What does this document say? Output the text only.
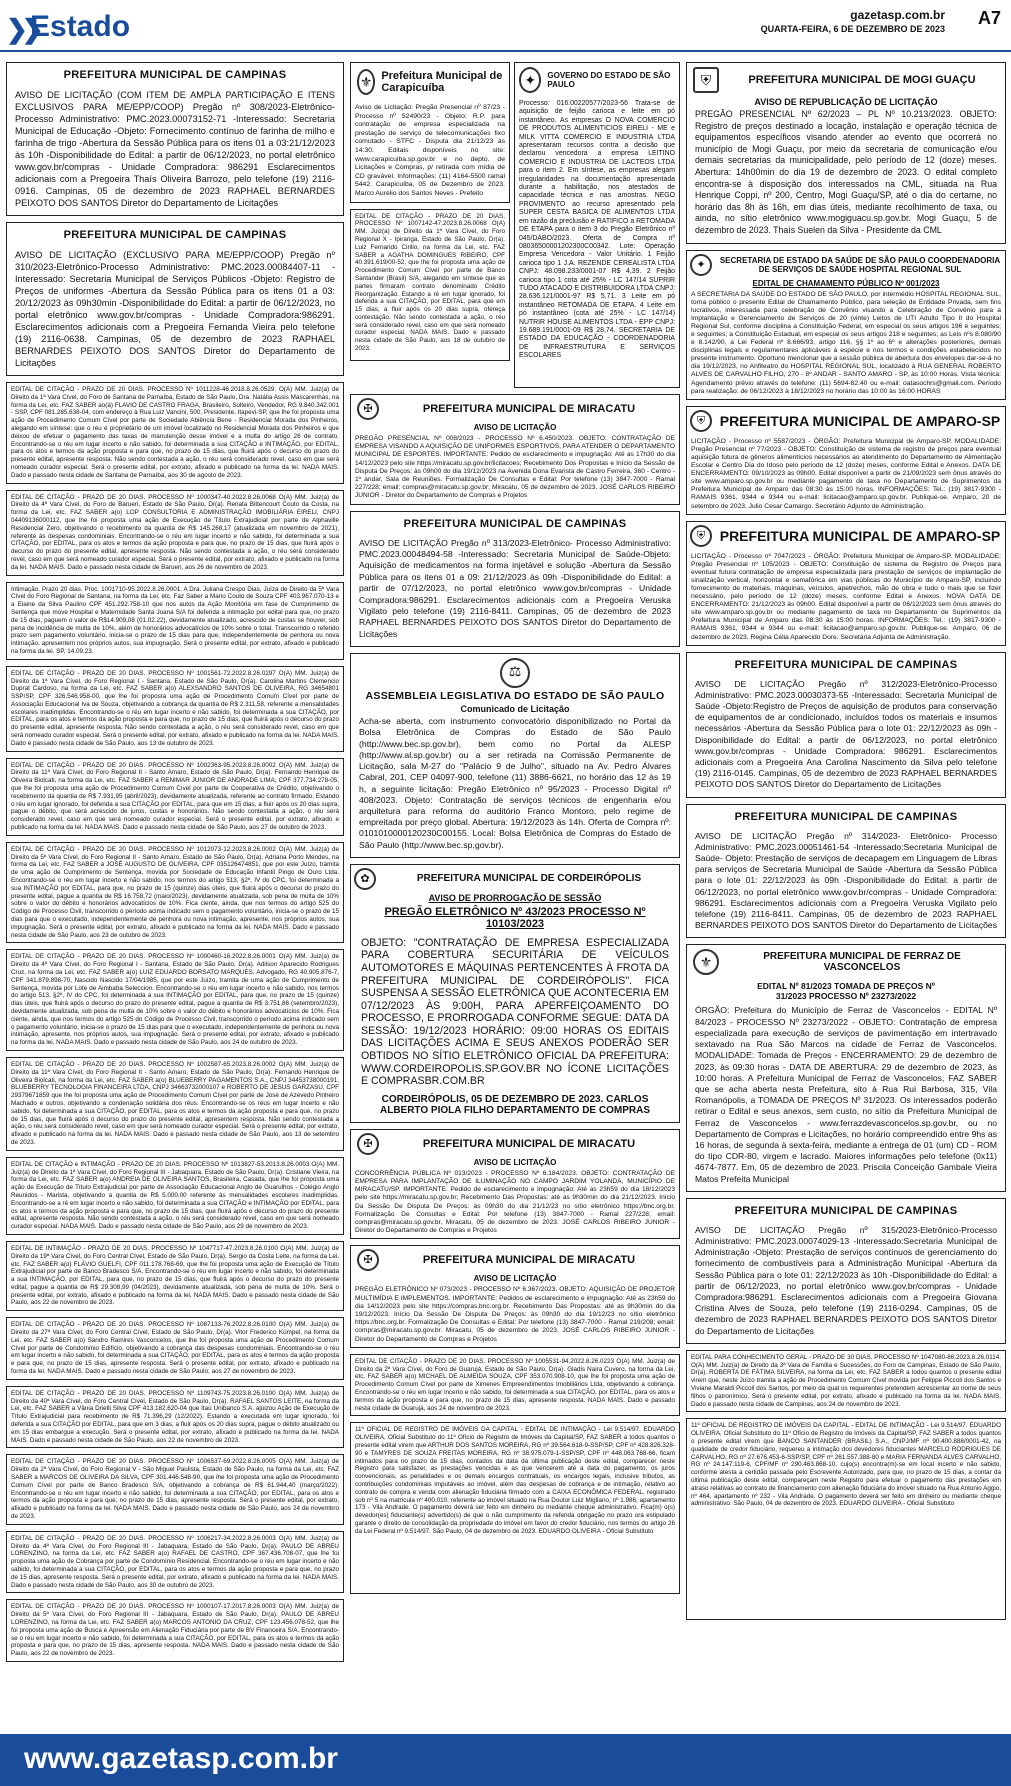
❯❯
Estado	gazetasp.com.br
QUARTA-FEIRA, 6 DE DEZEMBRO DE 2023
A7
PREFEITURA MUNICIPAL DE CAMPINAS
AVISO DE LICITAÇÃO (COM ITEM DE AMPLA PARTICIPAÇÃO E ITENS EXCLUSIVOS PARA ME/EPP/COOP) Pregão nº 308/2023-Eletrônico-Processo Administrativo: PMC.2023.00073152-71 -Interessado: Secretaria Municipal de Educação -Objeto: Fornecimento contínuo de farinha de milho e farinha de trigo -Abertura da Sessão Pública para os itens 01 a 03:21/12/2023 às 10h -Disponibilidade do Edital: a partir de 06/12/2023, no portal eletrônico www.gov.br/compras - Unidade Compradora: 986291 Esclarecimentos adicionais com a Pregoeira Thaís Oliveira Barrozo, pelo telefone (19) 2116-0916. Campinas, 05 de dezembro de 2023 RAPHAEL BERNARDES PEIXOTO DOS SANTOS Diretor do Departamento de Licitações
PREFEITURA MUNICIPAL DE CAMPINAS
AVISO DE LICITAÇÃO (EXCLUSIVO PARA ME/EPP/COOP) Pregão nº 310/2023-Eletrônico-Processo Administrativo: PMC.2023.00084407-11 -Interessado: Secretaria Municipal de Serviços Públicos -Objeto: Registro de Preços de uniformes -Abertura da Sessão Pública para os itens 01 a 03: 20/12/2023 às 09h30min -Disponibilidade do Edital: a partir de 06/12/2023, no portal eletrônico www.gov.br/compras - Unidade Compradora:986291. Esclarecimentos adicionais com a Pregoeira Fernanda Vieira pelo telefone (19) 2116-0638. Campinas, 05 de dezembro de 2023 RAPHAEL BERNARDES PEIXOTO DOS SANTOS Diretor do Departamento de Licitações
EDITAL DE CITAÇÃO - PRAZO DE 20 DIAS. PROCESSO Nº 1011228-46.2018.8.26.0529. O(A) MM. Juiz(a) de Direito da 1ª Vara Cível, do Foro de Santana de Parnaíba, Estado de São Paulo, Dra. Natália Assis Mascarenhas, na forma da Lei, etc. FAZ SABER ao(à) FLAVIO DE CASTRO FRAGA, Brasileiro, Solteiro, Vendedor, RG 9.840.342.001 - SSP, CPF 081.285.638-04, com endereço à Rua Luiz Vancini, 500, Presidente, Itapevi-SP, que lhe foi proposta uma ação de Procedimento Comum Cível por parte de Sociedade Abiência Bene - Residencial Morada dos Pinheiros, alegando em síntese: que o réu é proprietário de um imóvel localizado no Residencial Morada dos Pinheiros e que deixou de efetuar o pagamento das taxas de manutenção desse imóvel e a multa do artigo 26 de contrato. Encontrando-se o réu em lugar incerto e não sabido, foi determinada a sua CITAÇÃO e INTIMAÇÃO, por EDITAL, para os atos e termos da ação proposta e para que, no prazo de 15 dias, que fluirá após o decurso do prazo do presente edital, apresente resposta. Não sendo contestada a ação, o réu será considerado revel, caso em que será nomeado curador especial. Será o presente edital, por extrato, afixado e publicado na forma da lei. NADA MAIS. Dado e passado nesta cidade de Santana de Parnaíba, aos 30 de agosto de 2023.
EDITAL DE CITAÇÃO - PRAZO DE 20 DIAS. PROCESSO Nº 1000347-40.2022.8.26.0068 O(A) MM. Juiz(a) de Direito da 4ª Vara Cível, do Foro de Barueri, Estado de São Paulo, Dr(a). Renata Bittencourt Couto da Costa, na forma da Lei, etc. FAZ SABER a(o) LOP CONSULTORIA E ADMINISTRAÇÃO IMOBILIÁRIA EIRELI, CNPJ 04409136000112, que lhe foi proposta uma ação de Execução de Título Extrajudicial por parte de Alphaville Residencial Zero, objetivando o recebimento da quantia de R$ 145.268,17 (atualizada em novembro de 2021), referente às despesas condominiais. Encontrando-se o réu em lugar incerto e não sabido, foi determinada a sua CITAÇÃO, por EDITAL, para os atos e termos da ação proposta e para que, no prazo de 15 dias, que fluirá após o decurso do prazo do presente edital, apresente resposta. Não sendo contestada a ação, o réu será considerado revel, caso em que será nomeado curador especial. Será o presente edital, por extrato, afixado e publicado na forma da lei. NADA MAIS. Dado e passado nesta cidade de Barueri, aos 26 de novembro de 2023.
Intimação. Prazo 20 dias. Proc. 1001710-95.2022.8.26.0001. A Dra. Juliana Crespo Dias, Juíza de Direito da 5ª Vara Cível do Foro Regional de Santana, na forma da Lei, etc. Faz Saber a Mario Couto de Souza CPF 403.967.070-13 e a Elaine da Silva Paulino CPF 451.292.758-10 que nos autos da Ação Monitória em fase de Cumprimento de Sentença que move Hospital e Maternidade Santa Joana S/A foi deferida a intimação por edital para que, no prazo de 15 dias, paguem o valor de R$14.909,08 (01.02.22), devidamente atualizado, acrescido de custas se houver, sob pena de incidência de multa de 10%, além de honorários advocatícios de 10% sobre o total. Transcorrido o referido prazo sem pagamento voluntário, inicia-se o prazo de 15 dias para que, independentemente de penhora ou nova intimação, apresentem nos próprios autos, sua impugnação. Será o presente edital, por extrato, afixado e publicado na forma da lei. SP, 14.09.23.
EDITAL DE CITAÇÃO - PRAZO DE 20 DIAS. PROCESSO Nº 1001561-72.2022.8.26.0297 O(A) MM. Juiz(a) de Direito da 1ª Vara Cível, do Foro Regional I - Santana, Estado de São Paulo, Dr(a). Carolina Martins Clemencio Duprat Cardoso, na forma da Lei, etc. FAZ SABER a(o) ALEXSANDRO SANTOS DE OLIVEIRA, RG 34654801 SSP/SP, CPF 326.546.958-00, que lhe foi proposta uma ação de Procedimento Comum Cível por parte de Associação Educacional Iva de Souza, objetivando a cobrança da quantia de R$ 2.311,58, referente a mensalidades escolares inadimplidas. Encontrando-se o réu em lugar incerto e não sabido, foi determinada a sua CITAÇÃO, por EDITAL, para os atos e termos da ação proposta e para que, no prazo de 15 dias, que fluirá após o decurso do prazo do presente edital, apresente resposta. Não sendo contestada a ação, o réu será considerado revel, caso em que será nomeado curador especial. Será o presente edital, por extrato, afixado e publicado na forma da lei. NADA MAIS. Dado e passado nesta cidade de São Paulo, aos 13 de outubro de 2023.
EDITAL DE CITAÇÃO - PRAZO DE 20 DIAS. PROCESSO Nº 1002363-95.2023.8.26.0002 O(A) MM. Juiz(a) de Direito da 11ª Vara Cível, do Foro Regional II - Santo Amaro, Estado de São Paulo, Dr(a). Fernando Henrique de Oliveira Biolcati, na forma da Lei, etc. FAZ SABER a RENIMAR JUNIOR DE ANDRADE LIMA, CPF 377.734.278-05, que lhe foi proposta uma ação de Procedimento Comum Cível por parte de Cooperativa de Crédito, objetivando o recebimento da quantia de R$ 7.931,95 (abril/2023), devidamente atualizada, referente ao contrato firmado. Estando o réu em lugar ignorado, foi deferida a sua CITAÇÃO por EDITAL, para que em 15 dias, a fluir após os 20 dias supra, pague o débito, que será acrescido de juros, custas e honorários. Não sendo contestada a ação, o réu será considerado revel, caso em que será nomeado curador especial. Será o presente edital, por extrato, afixado e publicado na forma da lei. NADA MAIS. Dado e passado nesta cidade de São Paulo, aos 27 de outubro de 2023.
EDITAL DE CITAÇÃO - PRAZO DE 20 DIAS. PROCESSO Nº 1012073-12.2023.8.26.0002 O(A) MM. Juiz(a) de Direito da 5ª Vara Cível, do Foro Regional II - Santo Amaro, Estado de São Paulo, Dr(a). Adriana Porto Mendes, na forma da Lei, etc. FAZ SABER a JOSÉ AUGUSTO DE OLIVEIRA, CPF 035126474851, que por este Juízo, tramita de uma ação de Cumprimento de Sentença, movida por Sociedade de Educação Infantil Pingo de Ouro Ltda. Encontrando-se o réu em lugar incerto e não sabido, nos termos do artigo 513, §2º, IV do CPC, foi determinada a sua INTIMAÇÃO por EDITAL, para que, no prazo de 15 (quinze) dias úteis, que fluirá após o decurso do prazo do presente edital, pague a quantia de R$ 16.758,72 (maio/2023), devidamente atualizada, sob pena de multa de 10% sobre o valor do débito e honorários advocatícios de 10%. Fica ciente, ainda, que nos termos do artigo 525 do Código de Processo Civil, transcorrido o período acima indicado sem o pagamento voluntário, inicia-se o prazo de 15 dias para que o executado, independentemente de penhora ou nova intimação, apresente, nos próprios autos, sua impugnação. Será o presente edital, por extrato, afixado e publicado na forma da lei. NADA MAIS. Dado e passado nesta cidade de São Paulo, aos 23 de outubro de 2023.
EDITAL DE CITAÇÃO - PRAZO DE 20 DIAS. PROCESSO Nº 1000460-16.2022.8.26.0001 O(A) MM. Juiz(a) de Direito da 4ª Vara Cível, do Foro Regional I - Santana, Estado de São Paulo, Dr(a). Adilson Aparecido Rodrigues Cruz, na forma da Lei, etc. FAZ SABER a(o) LUIZ EDUARDO BORSATO MARQUES, Advogado, RG 40.905.876-7, CPF 341.879.898-70, Nascido Nascido 17/04/1985, que por este Juízo, tramita de uma ação de Cumprimento de Sentença, movida por Lote de Aimbaba Seleccion. Encontrando-se o réu em lugar incerto e não sabido, nos termos do artigo 513, §2º, IV do CPC, foi determinada a sua INTIMAÇÃO por EDITAL, para que, no prazo de 15 (quinze) dias úteis, que fluirá após o decurso do prazo do presente edital, pague a quantia de R$ 3.751,86 (setembro/2023), devidamente atualizada, sob pena de multa de 10% sobre o valor do débito e honorários advocatícios de 10%. Fica ciente, ainda, que nos termos do artigo 525 do Código de Processo Civil, transcorrido o período acima indicado sem o pagamento voluntário, inicia-se o prazo de 15 dias para que o executado, independentemente de penhora ou nova intimação, apresente, nos próprios autos, sua impugnação. Será o presente edital, por extrato, afixado e publicado na forma da lei. NADA MAIS. Dado e passado nesta cidade de São Paulo, aos 24 de outubro de 2023.
EDITAL DE CITAÇÃO - PRAZO DE 20 DIAS. PROCESSO Nº 1002587-65.2023.8.26.0002 O(A) MM. Juiz(a) de Direito da 11ª Vara Cível, do Foro Regional II - Santo Amaro, Estado de São Paulo, Dr(a). Fernando Henrique de Oliveira Biolcati, na forma da Lei, etc. FAZ SABER a(o) BLUEBERRY PAGAMENTOS S.A., CNPJ 34453738000191, BLUEBERRY TECNOLOGIA FINANCEIRA LTDA, CNPJ 34663732000107 e ROBERTO DE JESUS GARZASU, CPF 29379671859 que lhe foi proposta uma ação de Procedimento Comum Cível por parte de José de Azevedo Pinheiro Machado e outros, objetivando a condenação solidária dos réus. Encontrando-se os réus em lugar incerto e não sabido, foi determinada a sua CITAÇÃO, por EDITAL, para os atos e termos da ação proposta e para que, no prazo de 15 dias, que fluirá após o decurso do prazo do presente edital, apresentem resposta. Não sendo contestada a ação, o réu será considerado revel, caso em que será nomeado curador especial. Será o presente edital, por extrato, afixado e publicado na forma da lei. NADA MAIS. Dado e passado nesta cidade de São Paulo, aos 13 de setembro de 2023.
EDITAL DE CITAÇÃO e INTIMAÇÃO - PRAZO DE 20 DIAS. PROCESSO Nº 1013827-53.2013.8.26.0003 O(A) MM. Juiz(a) de Direito da 1ª Vara Cível, do Foro Regional III - Jabaquara, Estado de São Paulo, Dr(a). Cristiane Vieira, na forma da Lei, etc. FAZ SABER a(o) ANDREIA DE OLIVEIRA SANTOS, Brasileira, Casada, que lhe foi proposta uma ação de Execução de Título Extrajudicial por parte de Associação Educacional Anglo de Guarulhos - Colégio Anglo Reunidos - Marista, objetivando a quantia de R$ 5.000,00 referente às mensalidades escolares inadimplidas. Encontrando-se a ré em lugar incerto e não sabido, foi determinada a sua CITAÇÃO e INTIMAÇÃO por EDITAL, para os atos e termos da ação proposta e para que, no prazo de 15 dias, que fluirá após o decurso do prazo do presente edital, apresente resposta. Não sendo contestada a ação, o réu será considerado revel, caso em que será nomeado curador especial. NADA MAIS. Dado e passado nesta cidade de São Paulo, aos 29 de novembro de 2023.
EDITAL DE INTIMAÇÃO - PRAZO DE 20 DIAS. PROCESSO Nº 1047717-47.2023.8.26.0100 O(A) MM. Juiz(a) de Direito da 19ª Vara Cível, do Foro Central Cível, Estado de São Paulo, Dr(a). Sergio da Costa Leite, na forma da Lei, etc. FAZ SABER a(o) FLÁVIO GUELFI, CPF 011.178.768-69, que lhe foi proposta uma ação de Execução de Título Extrajudicial por parte de Banco Bradesco S/A. Encontrando-se o réu em lugar incerto e não sabido, foi determinada a sua INTIMAÇÃO, por EDITAL, para que, no prazo de 15 dias, que fluirá após o decurso do prazo do presente edital, pague a quantia de R$ 29.308,99 (04/2023), devidamente atualizada, sob pena de multa de 10%. Será o presente edital, por extrato, afixado e publicado na forma da lei. NADA MAIS. Dado e passado nesta cidade de São Paulo, aos 22 de novembro de 2023.
EDITAL DE CITAÇÃO - PRAZO DE 20 DIAS. PROCESSO Nº 1087133-76.2022.8.26.0100 O(A) MM. Juiz(a) de Direito da 27ª Vara Cível, do Foro Central Cível, Estado de São Paulo, Dr(a). Vitor Frederico Kümpel, na forma da Lei, etc. FAZ SABER a(o) Sandro Ramires Vasconcelos, que lhe foi proposta uma ação de Procedimento Comum Cível por parte de Condomínio Edifício, objetivando a cobrança das despesas condominiais. Encontrando-se o réu em lugar incerto e não sabido, foi determinada a sua CITAÇÃO, por EDITAL, para os atos e termos da ação proposta e para que, no prazo de 15 dias, apresente resposta. Será o presente edital, por extrato, afixado e publicado na forma da lei. NADA MAIS. Dado e passado nesta cidade de São Paulo, aos 27 de novembro de 2023.
EDITAL DE CITAÇÃO - PRAZO DE 20 DIAS. PROCESSO Nº 1109743-75.2023.8.26.0100 O(A) MM. Juiz(a) de Direito da 40ª Vara Cível, do Foro Central Cível, Estado de São Paulo, Dr(a). RAFAEL SANTOS LEITE, na forma da Lei, etc. FAZ SABER a Vânia Drielli Silva CPF 413.182.620-04 que Itaú Unibanco S.A. ajuizou Ação de Execução de Título Extrajudicial para recebimento de R$ 71.396,29 (12/2022). Estando a executada em lugar ignorado, foi deferida a sua CITAÇÃO por EDITAL, para que em 3 dias, a fluir após os 20 dias supra, pague o débito atualizado ou em 15 dias embargue a execução. Será o presente edital, por extrato, afixado e publicado na forma da lei. NADA MAIS. Dado e passado nesta cidade de São Paulo, aos 22 de novembro de 2023.
EDITAL DE CITAÇÃO - PRAZO DE 20 DIAS. PROCESSO Nº 1006537-69.2022.8.26.0005 O(A) MM. Juiz(a) de Direito da 2ª Vara Cível, do Foro Regional V - São Miguel Paulista, Estado de São Paulo, na forma da Lei, etc. FAZ SABER a MARCOS DE OLIVEIRA DA SILVA, CPF 301.446.548-90, que lhe foi proposta uma ação de Procedimento Comum Cível por parte de Banco Bradesco S/A, objetivando a cobrança de R$ 61.944,40 (março/2022). Encontrando-se o réu em lugar incerto e não sabido, foi determinada a sua CITAÇÃO, por EDITAL, para os atos e termos da ação proposta e para que, no prazo de 15 dias, apresente resposta. Será o presente edital, por extrato, afixado e publicado na forma da lei. NADA MAIS. Dado e passado nesta cidade de São Paulo, aos 24 de novembro de 2023.
EDITAL DE CITAÇÃO - PRAZO DE 20 DIAS. PROCESSO Nº 1006217-34.2022.8.26.0003 O(A) MM. Juiz(a) de Direito da 4ª Vara Cível, do Foro Regional III - Jabaquara, Estado de São Paulo, Dr(a). PAULO DE ABREU LORENZINO, na forma da Lei, etc. FAZ SABER a(o) RAFAEL DE CASTRO, CPF 367.436.708-07, que lhe foi proposta uma ação de Cobrança por parte de Condomínio Residencial. Encontrando-se o réu em lugar incerto e não sabido, foi determinada a sua CITAÇÃO, por EDITAL, para os atos e termos da ação proposta e para que, no prazo de 15 dias, apresente resposta. Será o presente edital, por extrato, afixado e publicado na forma da lei. NADA MAIS. Dado e passado nesta cidade de São Paulo, aos 30 de outubro de 2023.
EDITAL DE CITAÇÃO - PRAZO DE 20 DIAS. PROCESSO Nº 1000107-17.2017.8.26.0003 O(A) MM. Juiz(a) de Direito da 5ª Vara Cível, do Foro Regional III - Jabaquara, Estado de São Paulo, Dr(a). PAULO DE ABREU LORENZINO, na forma da Lei, etc. FAZ SABER a(o) MARCOS ANTONIO DA CRUZ, CPF 123.456.078-52, que lhe foi proposta uma ação de Busca e Apreensão em Alienação Fiduciária por parte de BV Financeira S/A. Encontrando-se o réu em lugar incerto e não sabido, foi determinada a sua CITAÇÃO, por EDITAL, para os atos e termos da ação proposta e para que, no prazo de 15 dias, apresente resposta. NADA MAIS. Dado e passado nesta cidade de São Paulo, aos 22 de novembro de 2023.
⚜ Prefeitura Municipal de Carapicuíba
Aviso de Licitação: Pregão Presencial nº 87/23 - Processo nº 52490/23 - Objeto: R.P. para contratação de empresa especializada na prestação de serviço de telecomunicações fixo comutado - STFC - Disputa dia 21/12/23 às 14:30. Editais disponíveis no site: www.carapicuiba.sp.gov.br e no depto. de Licitações e Compras, p/ retirada com mídia de CD gravável. Informações: (11) 4164-5500 ramal 5442. Carapicuíba, 05 de Dezembro de 2023. Marco Aurélio dos Santos Neves - Prefeito
EDITAL DE CITAÇÃO - PRAZO DE 20 DIAS. PROCESSO Nº 1007142-47.2023.8.26.0068 O(A) MM. Juiz(a) de Direito da 1ª Vara Cível, do Foro Regional X - Ipiranga, Estado de São Paulo, Dr(a). Luiz Fernando Cirillo, na forma da Lei, etc. FAZ SABER a AGATHA DOMINGUES RIBEIRO, CPF 40.391.619/00-52, que lhe foi proposta uma ação de Procedimento Comum Cível por parte de Banco Santander (Brasil) S/A, alegando em síntese que as partes firmaram contrato denominado Crédito Reorganização. Estando a ré em lugar ignorado, foi deferida a sua CITAÇÃO, por EDITAL, para que em 15 dias, a fluir após os 20 dias supra, ofereça contestação. Não sendo contestada a ação, o réu será considerado revel, caso em que será nomeado curador especial. NADA MAIS. Dado e passado nesta cidade de São Paulo, aos 18 de outubro de 2023.
✦	GOVERNO DO ESTADO DE SÃO PAULO
Processo: 016.00220577/2023-56 Trata-se de aquisição de feijão carioca e leite em pó instantâneo. As empresas O NOVA COMERCIO DE PRODUTOS ALIMENTICIOS EIRELI - ME e MILK VITTA COMERCIO E INDUSTRIA LTDA apresentaram recursos contra a decisão que declarou vencedora a empresa LEITINO COMERCIO E INDUSTRIA DE LACTEOS LTDA para o item 2. Em síntese, as empresas alegam irregularidades na documentação apresentada durante a habilitação, nos atestados de capacidade técnica e nas amostras. NEGO PROVIMENTO ao recurso apresentado pela SUPER CESTA BASICA DE ALIMENTOS LTDA em razão da preclusão e RATIFICO a RETOMADA DE ETAPA para o item 3 do Pregão Eletrônico nº 045/DABO/2023. Oferta de Compra nº 08036500001202300C00342. Lote: Operação Empresa Vencedora - Valor Unitário. 1 Feijão carioca tipo 1 J.A. REZENDE CEREALISTA LTDA CNPJ: 48.098.233/0001-07 R$ 4,39. 2 Feijão carioca tipo 1 cota até 25% - LC 147/14 SUPRIR TUDO ATACADO E DISTRIBUIDORA LTDA CNPJ: 28.636.121/0001-97 R$ 5,71. 3 Leite em pó instantâneo RETOMADA DE ETAPA. 4 Leite em pó instantâneo (cota até 25% - LC 147/14) NUTRIR HOUSE ALIMENTOS LTDA - EPP CNPJ: 19.689.191/0001-09 R$ 28,74. SECRETARIA DE ESTADO DA EDUCAÇÃO - COORDENADORIA DE INFRAESTRUTURA E SERVIÇOS ESCOLARES
✠	PREFEITURA MUNICIPAL DE MIRACATU
AVISO DE LICITAÇÃO
PREGÃO PRESENCIAL Nº 008/2023 - PROCESSO Nº 6.450/2023. OBJETO: CONTRATAÇÃO DE EMPRESA VISANDO A AQUISIÇÃO DE UNIFORMES ESPORTIVOS, PARA ATENDER O DEPARTAMENTO MUNICIPAL DE ESPORTES. IMPORTANTE: Pedido de esclarecimento e impugnação: Até as 17h30 do dia 14/12/2023 pelo site https://miracatu.sp.gov.br/licitacoes; Recebimento Dos Propostas e Início da Sessão de Disputa De Preços: às 09h00 do dia 19/12/2023 na Avenida Dona Evarista de Castro Ferreira, 360 - Centro - 1º andar, Sala de Reuniões. Formalização De Consultas e Edital: Por telefone (13) 3847-7000 - Ramal 227/228; email: compras@miracatu.sp.gov.br; Miracatu, 05 de dezembro de 2023. JOSÉ CARLOS RIBEIRO JUNIOR - Diretor do Departamento de Compras e Projetos
PREFEITURA MUNICIPAL DE CAMPINAS
AVISO DE LICITAÇÃO Pregão nº 313/2023-Eletrônico- Processo Administrativo: PMC.2023.00048494-58 -Interessado: Secretaria Municipal de Saúde-Objeto: Aquisição de medicamentos na forma injetável e solução -Abertura da Sessão Pública para os itens 01 a 09: 21/12/2023 às 09h -Disponibilidade do Edital: a partir de 07/12/2023, no portal eletrônico www.gov.br/compras - Unidade Compradora:986291. Esclarecimentos adicionais com a Pregoeira Veruska Vigilato pelo telefone (19) 2116-8411. Campinas, 05 de dezembro de 2023 RAPHAEL BERNARDES PEIXOTO DOS SANTOS Diretor do Departamento de Licitações
⚖
ASSEMBLEIA LEGISLATIVA DO ESTADO DE SÃO PAULO
Comunicado de Licitação
Acha-se aberta, com instrumento convocatório disponibilizado no Portal da Bolsa Eletrônica de Compras do Estado de São Paulo (http://www.bec.sp.gov.br), bem como no Portal da ALESP (http://www.al.sp.gov.br) ou a ser retirada na Comissão Permanente de Licitação, sala M-27 do "Palácio 9 de Julho", situado na Av. Pedro Álvares Cabral, 201, CEP 04097-900, telefone (11) 3886-6621, no horário das 12 às 19 h, a seguinte licitação: Pregão Eletrônico nº 95/2023 - Processo Digital nº 408/2023. Objeto: Contratação de serviços técnicos de engenharia e/ou arquitetura para reforma do auditório Franco Montoro, pelo regime de empreitada por preço global. Abertura: 19/12/2023 às 14h. Oferta de Compra nº: 0101010000120230C00155. Local: Bolsa Eletrônica de Compras do Estado de São Paulo (http://www.bec.sp.gov.br).
✿	PREFEITURA MUNICIPAL DE CORDEIRÓPOLIS
AVISO DE PRORROGAÇÃO DE SESSÃO
PREGÃO ELETRÔNICO Nº 43/2023 PROCESSO Nº 10103/2023
OBJETO: "CONTRATAÇÃO DE EMPRESA ESPECIALIZADA PARA COBERTURA SECURITÁRIA DE VEÍCULOS AUTOMOTORES E MÁQUINAS PERTENCENTES À FROTA DA PREFEITURA MUNICIPAL DE CORDEIRÓPOLIS". FICA SUSPENSA A SESSÃO ELETRÔNICA QUE ACONTECERIA EM 07/12/2023 ÀS 9:00H, PARA APERFEIÇOAMENTO DO PROCESSO, E PRORROGADA CONFORME SEGUE: DATA DA SESSÃO: 19/12/2023 HORÁRIO: 09:00 HORAS OS EDITAIS DAS LICITAÇÕES ACIMA E SEUS ANEXOS PODERÃO SER OBTIDOS NO SÍTIO ELETRÔNICO OFICIAL DA PREFEITURA: WWW.CORDEIROPOLIS.SP.GOV.BR NO ÍCONE LICITAÇÕES E COMPRASBR.COM.BR
CORDEIRÓPOLIS, 05 DE DEZEMBRO DE 2023. CARLOS ALBERTO PIOLA FILHO DEPARTAMENTO DE COMPRAS
✠	PREFEITURA MUNICIPAL DE MIRACATU
AVISO DE LICITAÇÃO
CONCORRÊNCIA PÚBLICA Nº 013/2023 - PROCESSO Nº 6.184/2023. OBJETO: CONTRATAÇÃO DE EMPRESA PARA IMPLANTAÇÃO DE ILUMINAÇÃO NO CAMPO JARDIM YOLANDA, MUNICÍPIO DE MIRACATU/SP. IMPORTANTE: Pedido de esclarecimento e impugnação: Até as 23h59 do dia 18/12/2023 pelo site https://miracatu.sp.gov.br; Recebimento Das Propostas: até as 9h30min do dia 21/12/2023. Início Da Sessão De Disputa De Preços: às 09h30 do dia 21/12/23 no sítio eletrônico https://bnc.org.br. Formalização De Consultas e Edital: Por telefone (13) 3847-7000 - Ramal 227/228; email: compras@miracatu.sp.gov.br. Miracatu, 05 de dezembro de 2023. JOSÉ CARLOS RIBEIRO JUNIOR - Diretor do Departamento de Compras e Projetos
✠	PREFEITURA MUNICIPAL DE MIRACATU
AVISO DE LICITAÇÃO
PREGÃO ELETRÔNICO Nº 073/2023 - PROCESSO Nº 6.367/2023. OBJETO: AQUISIÇÃO DE PROJETOR MULTIMÍDIA E IMPLEMENTOS. IMPORTANTE: Pedidos de esclarecimento e impugnação: Até as 23h59 do dia 14/12/2023 pelo site https://compras.bnc.org.br. Recebimento Das Propostas: até as 9h30min do dia 19/12/2023. Início Da Sessão De Disputa De Preços: às 09h30 do dia 19/12/23 no sítio eletrônico https://bnc.org.br. Formalização De Consultas e Edital: Por telefone (13) 3847-7000 - Ramal 219/208; email: compras@miracatu.sp.gov.br. Miracatu, 05 de dezembro de 2023. JOSÉ CARLOS RIBEIRO JUNIOR - Diretor do Departamento de Compras e Projetos
EDITAL DE CITAÇÃO - PRAZO DE 20 DIAS. PROCESSO Nº 1005531-94.2022.8.26.0223 O(A) MM. Juiz(a) de Direito da 2ª Vara Cível, do Foro de Guarujá, Estado de São Paulo, Dr(a). Gladis Naira Cuvero, na forma da Lei, etc. FAZ SABER a(o) MICHAEL DE ALMEIDA SOUZA, CPF 353.070.908-10, que lhe foi proposta uma ação de Procedimento Comum Cível por parte de Ximenes Empreendimentos Imobiliários Ltda, objetivando a cobrança. Encontrando-se o réu em lugar incerto e não sabido, foi determinada a sua CITAÇÃO, por EDITAL, para os atos e termos da ação proposta e para que, no prazo de 15 dias, apresente resposta. NADA MAIS. Dado e passado nesta cidade de Guarujá, aos 24 de novembro de 2023.
11º OFICIAL DE REGISTRO DE IMÓVEIS DA CAPITAL - EDITAL DE INTIMAÇÃO - Lei 9.514/97. EDUARDO OLIVEIRA, Oficial Substituto do 11º Ofício de Registro de Imóveis da Capital/SP, FAZ SABER a todos quantos o presente edital virem que ARTHUR DOS SANTOS MOREIRA, RG nº 39.564.618-9-SSP/SP, CPF nº 428.826.328-90 e TAMYRES DE SOUZA FREITAS MOREIRA, RG nº 38.975.079-1-SSP/SP, CPF nº 448.063.768-66, ficam intimados para no prazo de 15 dias, contados da data da última publicação deste edital, comparecer neste Registro para satisfazer, as prestações vencidas e as que vencerem até a data do pagamento, os juros convencionais, as penalidades e os demais encargos contratuais, os encargos legais, inclusive tributos, as contribuições condominiais imputáveis ao imóvel, além das despesas de cobrança e de intimação, relativo ao contrato de compra e venda com alienação fiduciária firmado com a CAIXA ECONÔMICA FEDERAL, registrado sob nº 5 na matrícula nº 400.010, referente ao imóvel situado na Rua Doutor Luiz Migliano, nº 1.986, apartamento 173 - Vila Andrade. O pagamento deverá ser feito em dinheiro ou mediante cheque administrativo. Fica(m) o(s) devedor(es) fiduciante(s) advertido(s) de que o não cumprimento da referida obrigação no prazo ora estipulado garante o direito de consolidação da propriedade do imóvel em favor do credor fiduciário, nos termos do artigo 26 da Lei Federal nº 9.514/97. São Paulo, 04 de dezembro de 2023. EDUARDO OLIVEIRA - Oficial Substituto
⛨	PREFEITURA MUNICIPAL DE MOGI GUAÇU
AVISO DE REPUBLICAÇÃO DE LICITAÇÃO
PREGÃO PRESENCIAL Nº 62/2023 – PL Nº 10.213/2023. OBJETO: Registro de preços destinado a locação, instalação e operação técnica de equipamentos específicos visando atender ao evento que ocorrerá no município de Mogi Guaçu, por meio da secretaria de comunicação e/ou demais secretarias da municipalidade, pelo período de 12 (doze) meses. Abertura: 14h00min do dia 19 de dezembro de 2023. O edital completo encontra-se à disposição dos interessados na CML, situada na Rua Henrique Coppi, nº 200, Centro, Mogi Guaçu/SP, até o dia do certame, no horário das 8h às 16h, em dias úteis, mediante recolhimento de taxa, ou ainda, no sítio eletrônico www.mogiguacu.sp.gov.br. Mogi Guaçu, 5 de dezembro de 2023. Thaís Suelen da Silva - Presidente da CML
✦	SECRETARIA DE ESTADO DA SAÚDE DE SÃO PAULO COORDENADORIA DE SERVIÇOS DE SAÚDE HOSPITAL REGIONAL SUL
EDITAL DE CHAMAMENTO PÚBLICO Nº 001/2023
A SECRETARIA DA SAÚDE DO ESTADO DE SÃO PAULO, por intermédio HOSPITAL REGIONAL SUL, torna público o presente Edital de Chamamento Público, para seleção de Entidade Privada, sem fins lucrativos, interessada para celebração de Convênio visando a Celebração de Convênio para a Implantação e Gerenciamento de Serviços de 20 (vinte) Leitos de UTI Adulto Tipo II do Hospital Regional Sul, conforme disciplina a Constituição Federal, em especial os seus artigos 196 e seguintes; e seguintes; a Constituição Estadual, em especial os seus artigos 218 e seguintes; as Leis nºs 8.080/90 e 8.142/90, a Lei Federal nº 8.666/93, artigo 116, §§ 1º ao 6º e alterações posteriores, demais disciplinas legais e regulamentares aplicáveis à espécie e nos termos e condições estabelecidos no presente instrumento. Oportuno mencionar que a sessão pública de abertura dos envelopes dar-se-á no dia 19/12/2023, no Anfiteatro do HOSPITAL REGIONAL SUL, localizado à RUA GENERAL ROBERTO ALVES DE CARVALHO FILHO, 270 - 8º ANDAR - SANTO AMARO - SP, às 10:00 Horas. Vista técnica: Agendamento prévio através do telefone: (11) 5694-82.40 ou e-mail: oatasochrs@gmail.com. Período para realização: de 06/12/2023 à 18/12/2023 no horário das 10:00 às 16:00 HORAS
⛨	PREFEITURA MUNICIPAL DE AMPARO-SP
LICITAÇÃO - Processo nº 5587/2023 - ÓRGÃO: Prefeitura Municipal de Amparo-SP. MODALIDADE: Pregão Presencial nº 77/2023 - OBJETO: Constituição de sistema de registro de preços para eventual aquisição futura de gêneros alimentícios necessários ao atendimento do Departamento de Alimentação Escolar e Centro Dia do Idoso pelo período de 12 (doze) meses, conforme Edital e Anexos. DATA DE ENCERRAMENTO: 09/10/2023 às 09h00. Edital disponível a partir de 21/09/2023 sem ônus através do site www.amparo.sp.gov.br ou mediante pagamento de taxa no Departamento de Suprimentos da Prefeitura Municipal de Amparo das 08:30 às 15:00 horas. INFORMAÇÕES: Tel.: (19) 3817-9300 - RAMAIS 9361, 9344 e 9344 ou e-mail: licitacao@amparo.sp.gov.br. Publique-se. Amparo, 20 de setembro de 2023. Julio Cesar Camargo. Secretário Adjunto de Administração.
⛨	PREFEITURA MUNICIPAL DE AMPARO-SP
LICITAÇÃO - Processo nº 7047/2023 - ÓRGÃO: Prefeitura Municipal de Amparo-SP. MODALIDADE: Pregão Presencial nº 105/2023 - OBJETO: Constituição de sistema de Registro de Preços para eventual futura contratação de empresa especializada para prestação de serviços de implantação de sinalização vertical, horizontal e semafórica em vias públicas do Município de Amparo-SP, incluindo fornecimento de materiais, máquinas, veículos, apetrechos, mão de obra e tudo o mais que se fizer necessário, pelo período de 12 (doze) meses, conforme Edital e Anexos. NOVA DATA DE ENCERRAMENTO: 21/12/2023 às 09h00. Edital disponível a partir de 06/12/2023 sem ônus através do site www.amparo.sp.gov.br ou mediante pagamento de taxa no Departamento de Suprimentos da Prefeitura Municipal de Amparo das 08:30 às 15:00 horas. INFORMAÇÕES: Tel.: (19) 3817-9300 - RAMAIS 9361, 9344 e 9344 ou e-mail: licitacao@amparo.sp.gov.br. Publique-se. Amparo, 06 de dezembro de 2023. Regina Célia Aparecido Dore. Secretária Adjunta de Administração.
PREFEITURA MUNICIPAL DE CAMPINAS
AVISO DE LICITAÇÃO Pregão nº 312/2023-Eletrônico-Processo Administrativo: PMC.2023.00030373-55 -Interessado: Secretaria Municipal de Saúde -Objeto:Registro de Preços de aquisição de produtos para conservação de equipamentos de ar condicionado, incluídos todos os materiais e insumos necessários -Abertura da Sessão Pública para o lote 01: 22/12/2023 às 09h -Disponibilidade do Edital: a partir de 06/12/2023, no portal eletrônico www.gov.br/compras - Unidade Compradora: 986291. Esclarecimentos adicionais com a Pregoeira Ana Carolina Nascimento da Silva pelo telefone (19) 2116-0145. Campinas, 05 de dezembro de 2023 RAPHAEL BERNARDES PEIXOTO DOS SANTOS Diretor do Departamento de Licitações
PREFEITURA MUNICIPAL DE CAMPINAS
AVISO DE LICITAÇÃO Pregão nº 314/2023- Eletrônico- Processo Administrativo: PMC.2023.00051461-54 -Interessado:Secretaria Municipal de Saúde- Objeto: Prestação de serviços de decapagem em Linguagem de Libras para serviços de Secretaria Municipal de Saúde -Abertura da Sessão Pública para o lote 01: 22/12/2023 às 09h -Disponibilidade do Edital: a partir de 06/12/2023, no portal eletrônico www.gov.br/compras - Unidade Compradora: 986291. Esclarecimentos adicionais com a Pregoeira Veruska Vigilato pelo telefone (19) 2116-8411. Campinas, 05 de dezembro de 2023 RAPHAEL BERNARDES PEIXOTO DOS SANTOS Diretor do Departamento de Licitações
⚜	PREFEITURA MUNICIPAL DE FERRAZ DE VASCONCELOS
EDITAL Nº 81/2023 TOMADA DE PREÇOS Nº 31/2023 PROCESSO Nº 23273/2022
ÓRGÃO: Prefeitura do Município de Ferraz de Vasconcelos - EDITAL Nº 84/2023 - PROCESSO Nº 23273/2022 - OBJETO: Contratação de empresa especializada para execução de serviços de pavimentação em intertravado sextavado na Rua São Marcos na cidade de Ferraz de Vasconcelos. MODALIDADE: Tomada de Preços - ENCERRAMENTO: 29 de dezembro de 2023, às 09:30 horas - DATA DE ABERTURA: 29 de dezembro de 2023, às 10:00 horas. A Prefeitura Municipal de Ferraz de Vasconcelos, FAZ SABER que se acha aberta nesta Prefeitura, sito à Rua Rui Barbosa, 315, Vila Romanópolis, a TOMADA DE PREÇOS Nº 31/2023. Os interessados poderão retirar o Edital e seus anexos, sem custo, no sítio da Prefeitura Municipal de Ferraz de Vasconcelos - www.ferrazdevasconcelos.sp.gov.br, ou no Departamento de Compras e Licitações, no horário compreendido entre 9hs as 16 horas, de segunda à sexta-feira, mediante a entrega de 01 (um) CD - ROM do tipo CDR-80, virgem e lacrado. Maiores informações pelo telefone (0x11) 4674-7877. Em, 05 de dezembro de 2023. Priscila Conceição Gambale Vieira Matos Prefeita Municipal
PREFEITURA MUNICIPAL DE CAMPINAS
AVISO DE LICITAÇÃO Pregão nº 315/2023-Eletrônico-Processo Administrativo: PMC.2023.00074029-13 -Interessado:Secretaria Municipal de Administração -Objeto: Prestação de serviços contínuos de gerenciamento do fornecimento de combustíveis para a Administração Municipal -Abertura da Sessão Pública para o lote 01: 22/12/2023 às 10h -Disponibilidade do Edital: a partir de 06/12/2023, no portal eletrônico www.gov.br/compras - Unidade Compradora:986291. Esclarecimentos adicionais com a Pregoeira Giovana Cristina Alves de Souza, pelo telefone (19) 2116-0294. Campinas, 05 de dezembro de 2023 RAPHAEL BERNARDES PEIXOTO DOS SANTOS Diretor do Departamento de Licitações
EDITAL PARA CONHECIMENTO GERAL - PRAZO DE 30 DIAS. PROCESSO Nº 1047080-86.2023.8.26.0114. O(A) MM. Juiz(a) de Direito da 3ª Vara de Família e Sucessões, do Foro de Campinas, Estado de São Paulo, Dr(a). ROBERTA DE FÁTIMA SILVEIRA, na forma da Lei, etc. FAZ SABER a todos quantos o presente edital virem que, neste Juízo tramita a ação de Procedimento Comum Cível movida por Felippe Piccoli dos Santos e Viviane Maraldi Piccoli dos Santos, por meio da qual os requerentes pretendem acrescentar ao nome de seus filhos o patronímico. Será o presente edital, por extrato, afixado e publicado na forma da lei. NADA MAIS. Dado e passado nesta cidade de Campinas, aos 24 de novembro de 2023.
11º OFICIAL DE REGISTRO DE IMÓVEIS DA CAPITAL - EDITAL DE INTIMAÇÃO - Lei 9.514/97. EDUARDO OLIVEIRA, Oficial Substituto do 11º Ofício de Registro de Imóveis da Capital/SP, FAZ SABER a todos quantos o presente edital virem que BANCO SANTANDER (BRASIL) S.A., CNPJ/MF nº 90.400.888/0001-42, na qualidade de credor fiduciário, requereu a intimação dos devedores fiduciantes MARCELO RODRIGUES DE CARVALHO, RG nº 27.676.453-6-SSP/SP, CPF nº 261.557.388-80 e MARIA FERNANDA ALVES CARVALHO, RG nº 24.147.119-6, CPF/MF nº 290.463.868-10, cujo(s) encontra(m)-se em local incerto e não sabido, conforme atesta a certidão passada pelo Escrevente Autorizado, para que, no prazo de 15 dias, a contar da última publicação deste edital, compareçam neste Registro para efetuar o pagamento das prestações em atraso relativas ao contrato de financiamento com alienação fiduciária do imóvel situado na Rua Antonio Aggio, nº 464, apartamento nº 232 - Vila Andrade. O pagamento deverá ser feito em dinheiro ou mediante cheque administrativo. São Paulo, 04 de dezembro de 2023. EDUARDO OLIVEIRA - Oficial Substituto
www.gazetasp.com.br
